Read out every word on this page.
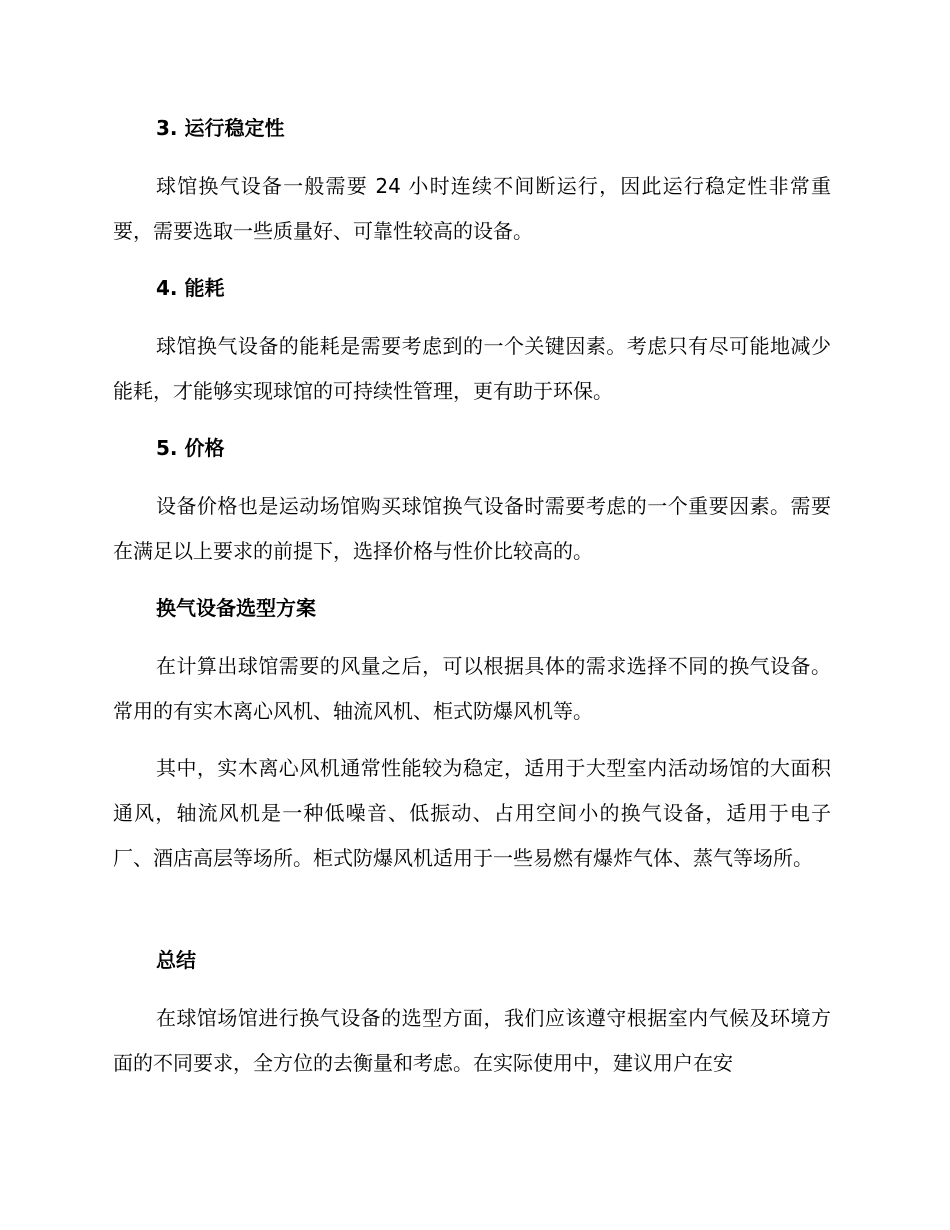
3. 运行稳定性
球馆换气设备一般需要 24 小时连续不间断运行，因此运行稳定性非常重要，需要选取一些质量好、可靠性较高的设备。
4. 能耗
球馆换气设备的能耗是需要考虑到的一个关键因素。考虑只有尽可能地减少能耗，才能够实现球馆的可持续性管理，更有助于环保。
5. 价格
设备价格也是运动场馆购买球馆换气设备时需要考虑的一个重要因素。需要在满足以上要求的前提下，选择价格与性价比较高的。
换气设备选型方案
在计算出球馆需要的风量之后，可以根据具体的需求选择不同的换气设备。常用的有实木离心风机、轴流风机、柜式防爆风机等。
其中，实木离心风机通常性能较为稳定，适用于大型室内活动场馆的大面积通风，轴流风机是一种低噪音、低振动、占用空间小的换气设备，适用于电子厂、酒店高层等场所。柜式防爆风机适用于一些易燃有爆炸气体、蒸气等场所。
总结
在球馆场馆进行换气设备的选型方面，我们应该遵守根据室内气候及环境方面的不同要求，全方位的去衡量和考虑。在实际使用中，建议用户在安
